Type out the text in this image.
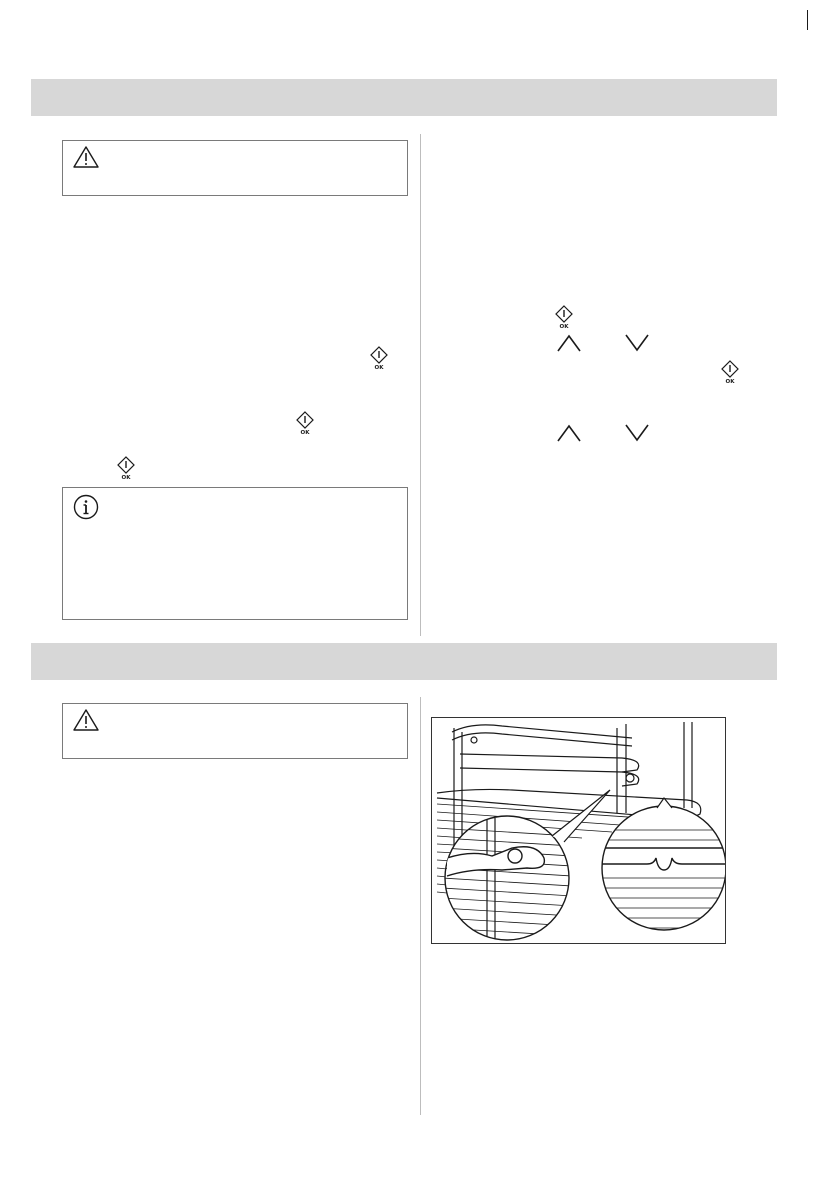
OK
OK
OK
OK
OK
